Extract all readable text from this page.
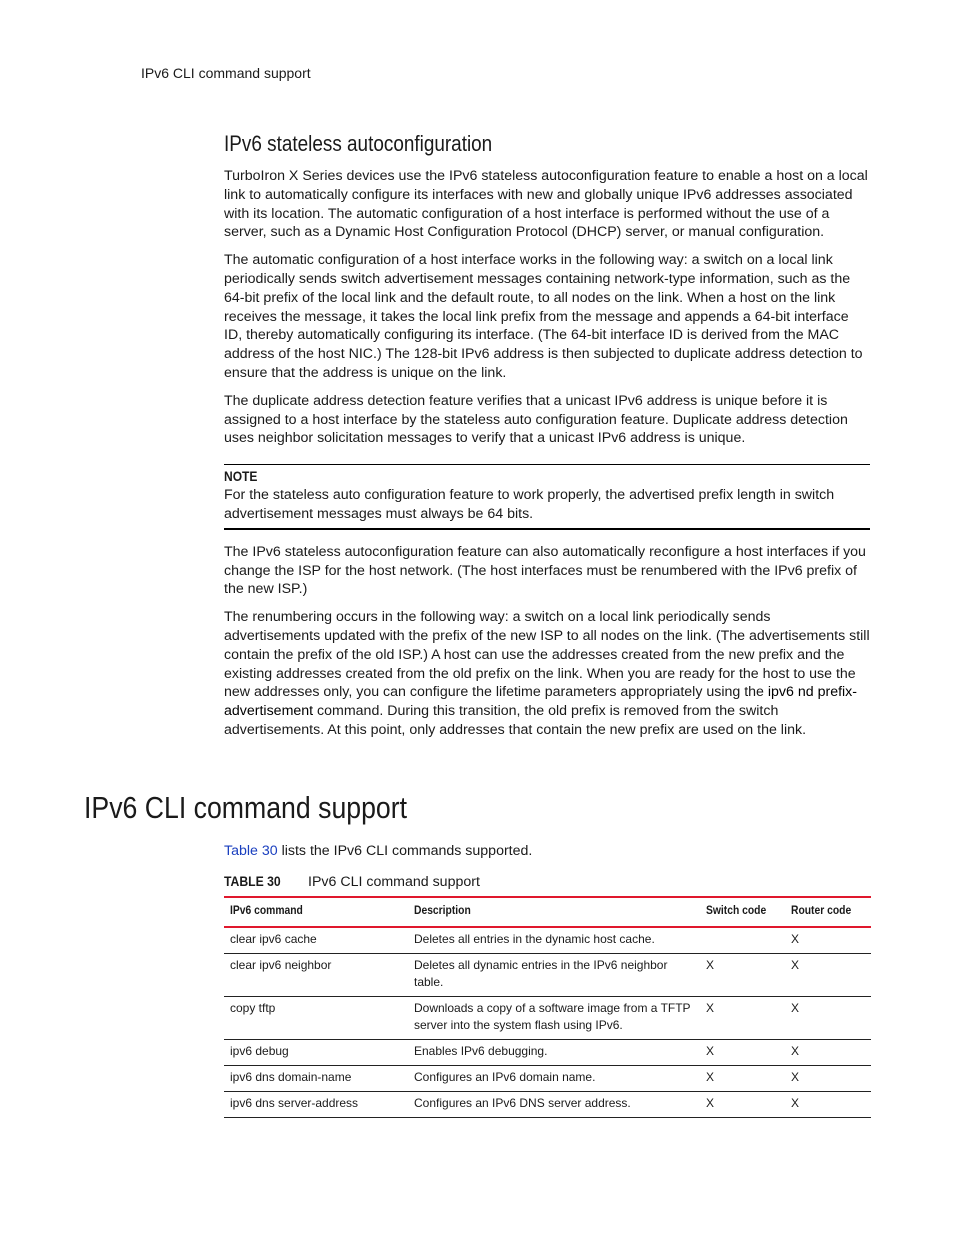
IPv6 CLI command support
IPv6 stateless autoconfiguration

TurboIron X Series devices use the IPv6 stateless autoconfiguration feature to enable a host on a local link to automatically configure its interfaces with new and globally unique IPv6 addresses associated with its location. The automatic configuration of a host interface is performed without the use of a server, such as a Dynamic Host Configuration Protocol (DHCP) server, or manual configuration.

The automatic configuration of a host interface works in the following way: a switch on a local link periodically sends switch advertisement messages containing network-type information, such as the 64-bit prefix of the local link and the default route, to all nodes on the link. When a host on the link receives the message, it takes the local link prefix from the message and appends a 64-bit interface ID, thereby automatically configuring its interface. (The 64-bit interface ID is derived from the MAC address of the host NIC.) The 128-bit IPv6 address is then subjected to duplicate address detection to ensure that the address is unique on the link.

The duplicate address detection feature verifies that a unicast IPv6 address is unique before it is assigned to a host interface by the stateless auto configuration feature. Duplicate address detection uses neighbor solicitation messages to verify that a unicast IPv6 address is unique.

NOTE

For the stateless auto configuration feature to work properly, the advertised prefix length in switch advertisement messages must always be 64 bits.

The IPv6 stateless autoconfiguration feature can also automatically reconfigure a host interfaces if you change the ISP for the host network. (The host interfaces must be renumbered with the IPv6 prefix of the new ISP.)

The renumbering occurs in the following way: a switch on a local link periodically sends advertisements updated with the prefix of the new ISP to all nodes on the link. (The advertisements still contain the prefix of the old ISP.) A host can use the addresses created from the new prefix and the existing addresses created from the old prefix on the link. When you are ready for the host to use the new addresses only, you can configure the lifetime parameters appropriately using the ipv6 nd prefix-advertisement command. During this transition, the old prefix is removed from the switch advertisements. At this point, only addresses that contain the new prefix are used on the link.

IPv6 CLI command support

Table 30 lists the IPv6 CLI commands supported.

TABLE 30 IPv6 CLI command support
IPv6 command	Description	Switch code	Router code
clear ipv6 cache	Deletes all entries in the dynamic host cache.		X
clear ipv6 neighbor	Deletes all dynamic entries in the IPv6 neighbor table.	X	X
copy tftp	Downloads a copy of a software image from a TFTP server into the system flash using IPv6.	X	X
ipv6 debug	Enables IPv6 debugging.	X	X
ipv6 dns domain-name	Configures an IPv6 domain name.	X	X
ipv6 dns server-address	Configures an IPv6 DNS server address.	X	X
